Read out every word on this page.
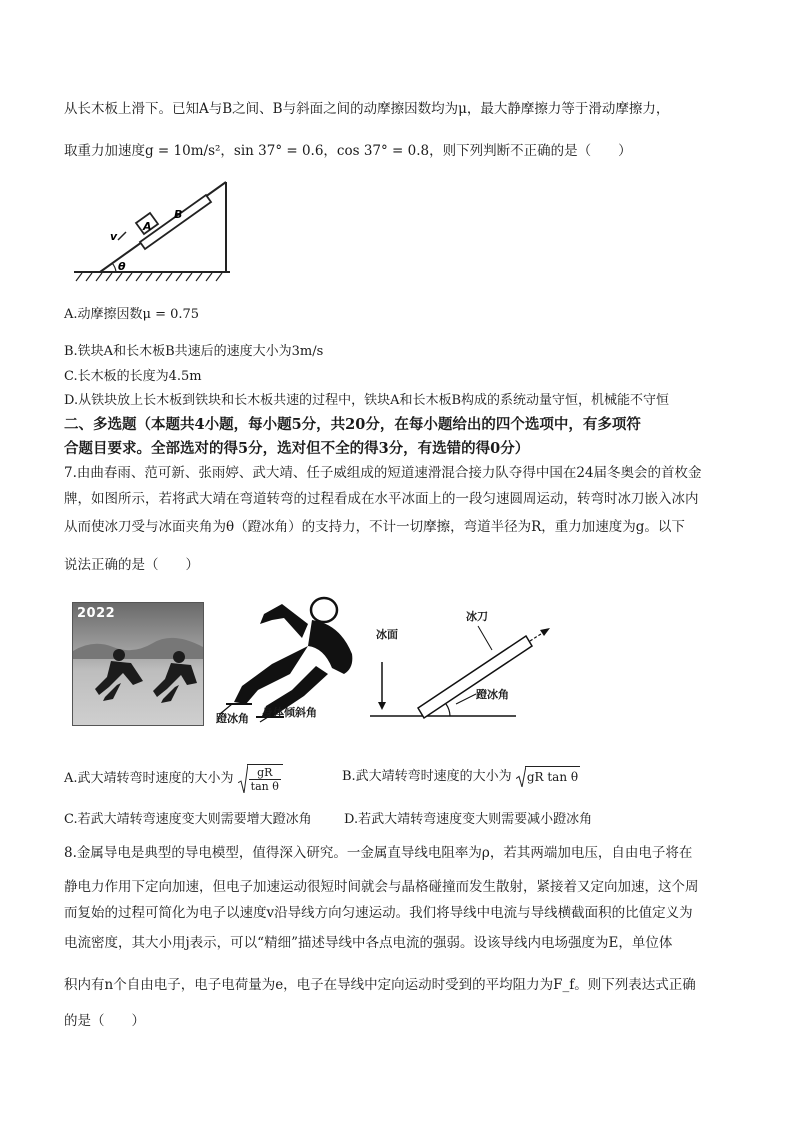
从长木板上滑下。已知A与B之间、B与斜面之间的动摩擦因数均为μ，最大静摩擦力等于滑动摩擦力，
取重力加速度g = 10m/s²，sin 37° = 0.6，cos 37° = 0.8，则下列判断不正确的是（　　）
A
B
v
θ
A.动摩擦因数μ = 0.75
B.铁块A和长木板B共速后的速度大小为3m/s
C.长木板的长度为4.5m
D.从铁块放上长木板到铁块和长木板共速的过程中，铁块A和长木板B构成的系统动量守恒，机械能不守恒
二、多选题（本题共4小题，每小题5分，共20分，在每小题给出的四个选项中，有多项符
合题目要求。全部选对的得5分，选对但不全的得3分，有选错的得0分）
7.由曲春雨、范可新、张雨婷、武大靖、任子威组成的短道速滑混合接力队夺得中国在24届冬奥会的首枚金
牌，如图所示，若将武大靖在弯道转弯的过程看成在水平冰面上的一段匀速圆周运动，转弯时冰刀嵌入冰内
从而使冰刀受与冰面夹角为θ（蹬冰角）的支持力，不计一切摩擦，弯道半径为R，重力加速度为g。以下
说法正确的是（　　）
2022
蹬冰角 身体倾斜角
冰面
冰刀
蹬冰角
A.武大靖转弯时速度的大小为 $\frac{gR}{\text{tan θ}}$	B.武大靖转弯时速度的大小为 gR tan θ
C.若武大靖转弯速度变大则需要增大蹬冰角 D.若武大靖转弯速度变大则需要减小蹬冰角
8.金属导电是典型的导电模型，值得深入研究。一金属直导线电阻率为ρ，若其两端加电压，自由电子将在
静电力作用下定向加速，但电子加速运动很短时间就会与晶格碰撞而发生散射，紧接着又定向加速，这个周
而复始的过程可简化为电子以速度v沿导线方向匀速运动。我们将导线中电流与导线横截面积的比值定义为
电流密度，其大小用j表示，可以“精细”描述导线中各点电流的强弱。设该导线内电场强度为E，单位体
积内有n个自由电子，电子电荷量为e，电子在导线中定向运动时受到的平均阻力为F_f。则下列表达式正确
的是（　　）
